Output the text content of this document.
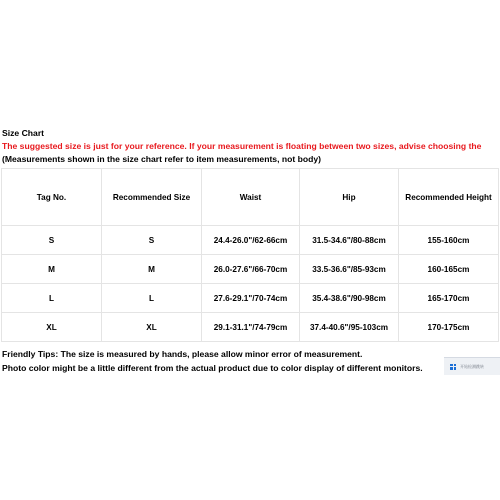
Size Chart
The suggested size is just for your reference. If your measurement is floating between two sizes, advise choosing the
(Measurements shown in the size chart refer to item measurements, not body)
Tag No.	Recommended Size	Waist	Hip	Recommended Height
S	S	24.4-26.0"/62-66cm	31.5-34.6"/80-88cm	155-160cm
M	M	26.0-27.6"/66-70cm	33.5-36.6"/85-93cm	160-165cm
L	L	27.6-29.1"/70-74cm	35.4-38.6"/90-98cm	165-170cm
XL	XL	29.1-31.1"/74-79cm	37.4-40.6"/95-103cm	170-175cm
Friendly Tips: The size is measured by hands, please allow minor error of measurement.
Photo color might be a little different from the actual product due to color display of different monitors.	开始检测跳转
